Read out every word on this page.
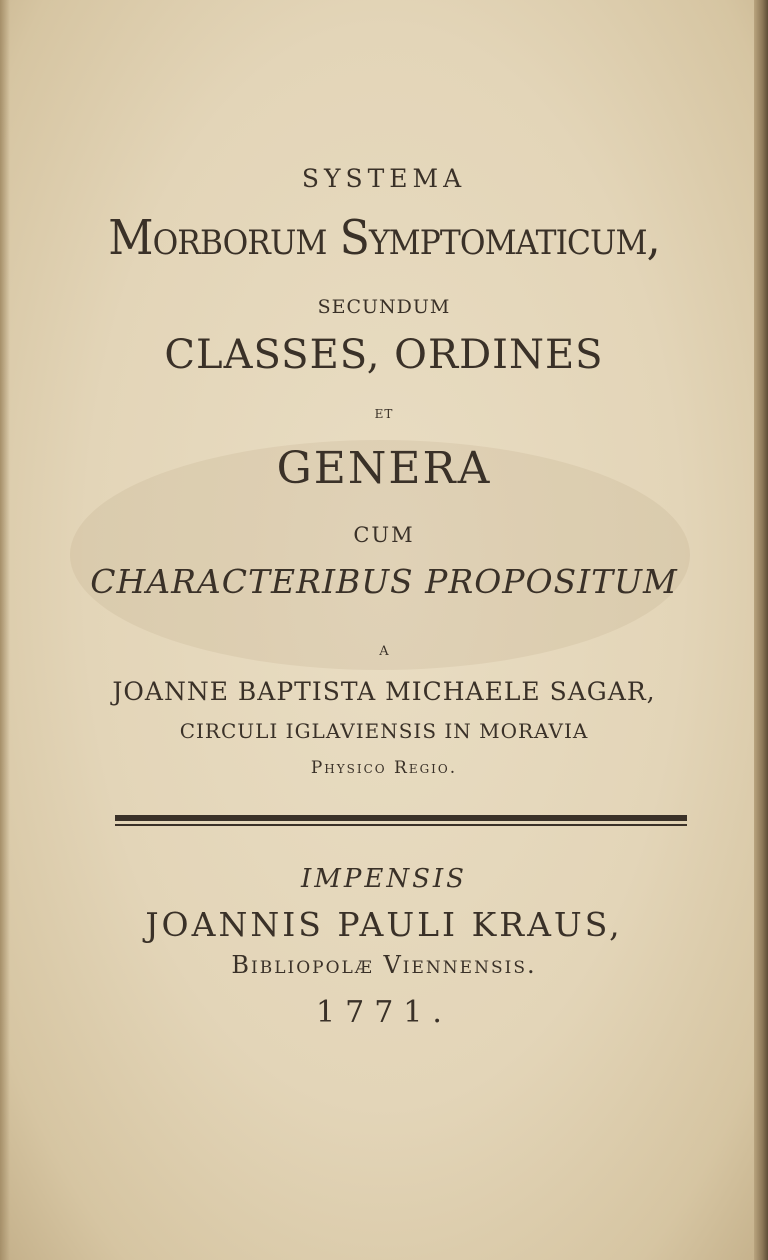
SYSTEMA
Morborum Symptomaticum,
SECUNDUM
CLASSES, ORDINES
ET
GENERA
CUM
CHARACTERIBUS PROPOSITUM
A
JOANNE BAPTISTA MICHAELE SAGAR,
CIRCULI IGLAVIENSIS IN MORAVIA
Physico Regio.
IMPENSIS
JOANNIS PAULI KRAUS,
Bibliopolæ Viennensis.
1771.
